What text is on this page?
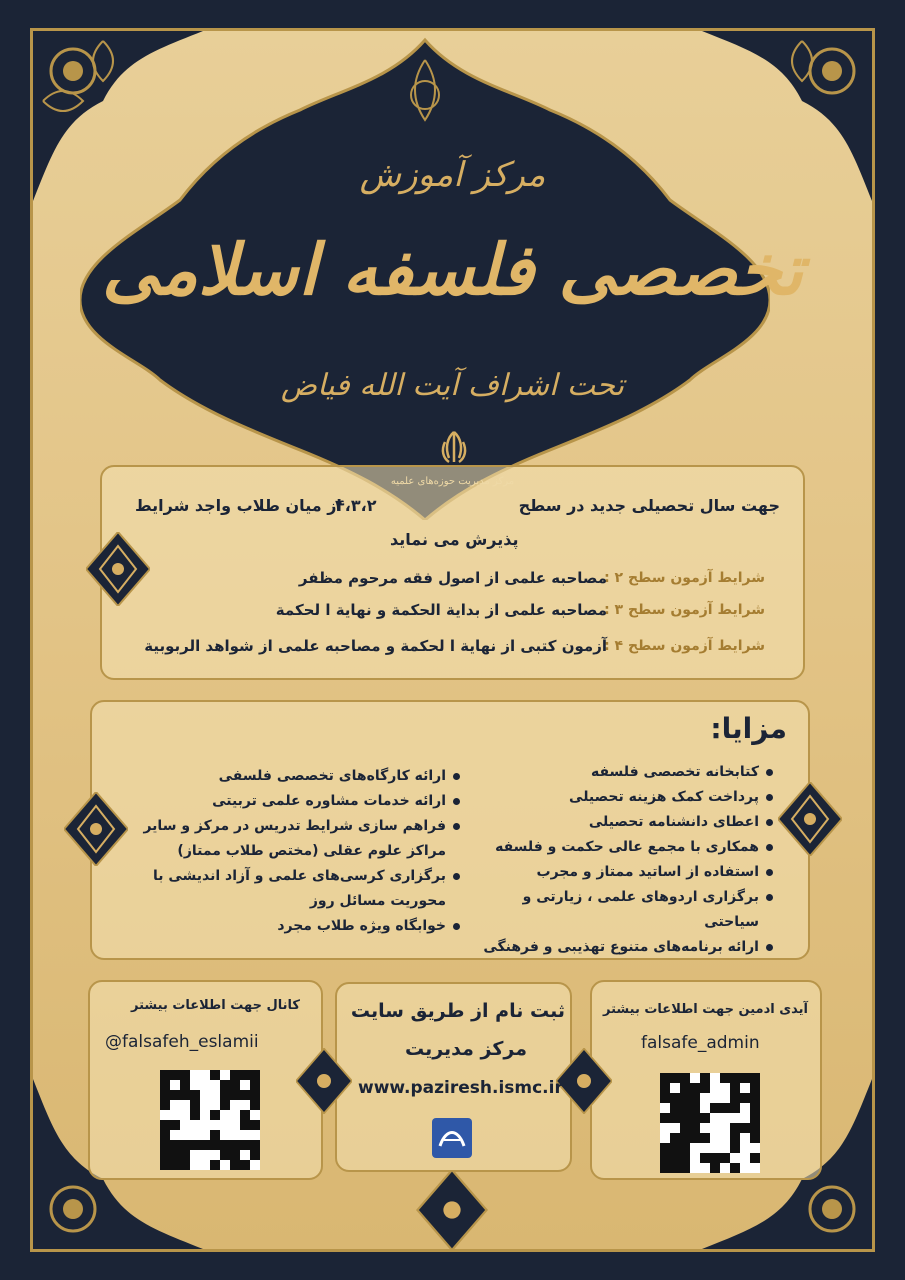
مرکز آموزش
تخصصی فلسفه اسلامی
تحت اشراف آیت الله فیاض
جهت سال تحصیلی جدید در سطح
۴،۳،۲
از میان طلاب واجد شرایط
پذیرش می نماید
شرایط آزمون سطح ۲ :
مصاحبه علمی از اصول فقه مرحوم مظفر
شرایط آزمون سطح ۳ :
مصاحبه علمی از بدایة الحکمة و نهایة ا لحکمة
شرایط آزمون سطح ۴ :
آزمون کتبی از نهایة ا لحکمة و مصاحبه علمی از شواهد الربوبیة
مزایا:
کتابخانه تخصصی فلسفه
پرداخت کمک هزینه تحصیلی
اعطای دانشنامه تحصیلی
همکاری با مجمع عالی حکمت و فلسفه
استفاده از اساتید ممتاز و مجرب
برگزاری اردوهای علمی ، زیارتی و سیاحتی
ارائه برنامه‌های متنوع تهذیبی و فرهنگی
ارائه کارگاه‌های تخصصی فلسفی
ارائه خدمات مشاوره علمی تربیتی
فراهم سازی شرایط تدریس در مرکز و سایر مراکز علوم عقلی (مختص طلاب ممتاز)
برگزاری کرسی‌های علمی و آزاد اندیشی با محوریت مسائل روز
خوابگاه ویژه طلاب مجرد
کانال جهت اطلاعات بیشتر
@falsafeh_eslamii
ثبت نام از طریق سایت
مرکز مدیریت
www.paziresh.ismc.ir
آیدی ادمین جهت اطلاعات بیشتر
falsafe_admin
